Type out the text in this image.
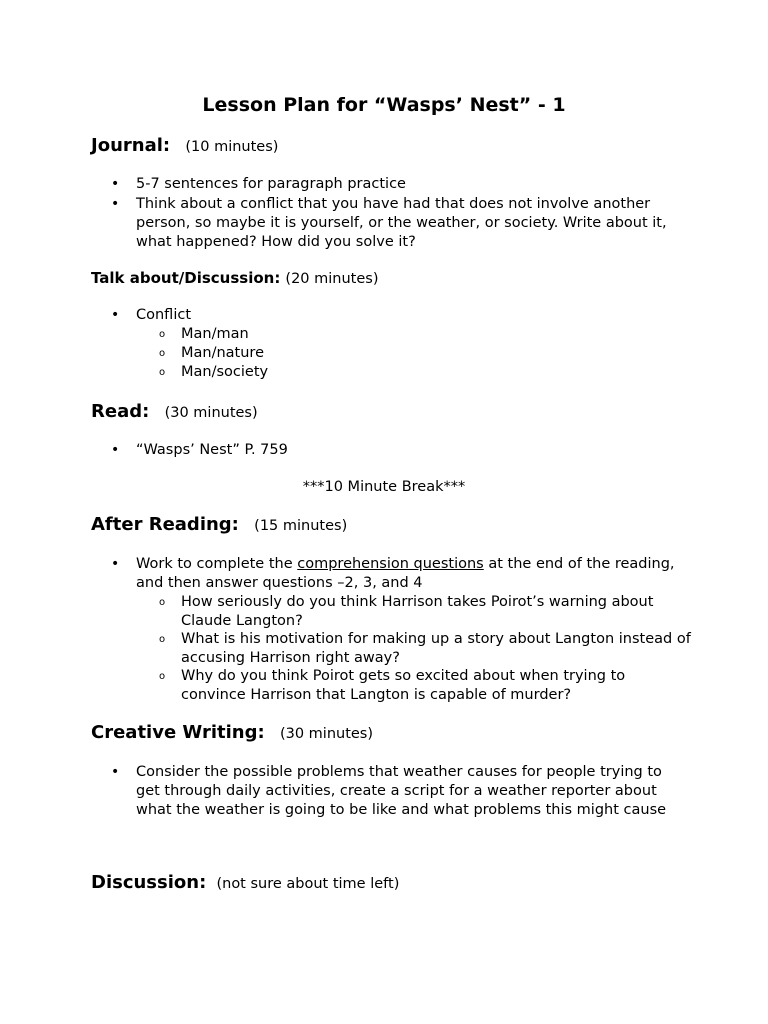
Lesson Plan for “Wasps’ Nest” - 1
Journal: (10 minutes)
• 5-7 sentences for paragraph practice
• Think about a conflict that you have had that does not involve another person, so maybe it is yourself, or the weather, or society. Write about it, what happened? How did you solve it?
Talk about/Discussion: (20 minutes)
• Conflict
o Man/man
o Man/nature
o Man/society
Read: (30 minutes)
• “Wasps’ Nest” P. 759
***10 Minute Break***
After Reading: (15 minutes)
• Work to complete the comprehension questions at the end of the reading, and then answer questions –2, 3, and 4
o How seriously do you think Harrison takes Poirot’s warning about Claude Langton?
o What is his motivation for making up a story about Langton instead of accusing Harrison right away?
o Why do you think Poirot gets so excited about when trying to convince Harrison that Langton is capable of murder?
Creative Writing: (30 minutes)
• Consider the possible problems that weather causes for people trying to get through daily activities, create a script for a weather reporter about what the weather is going to be like and what problems this might cause
Discussion: (not sure about time left)
